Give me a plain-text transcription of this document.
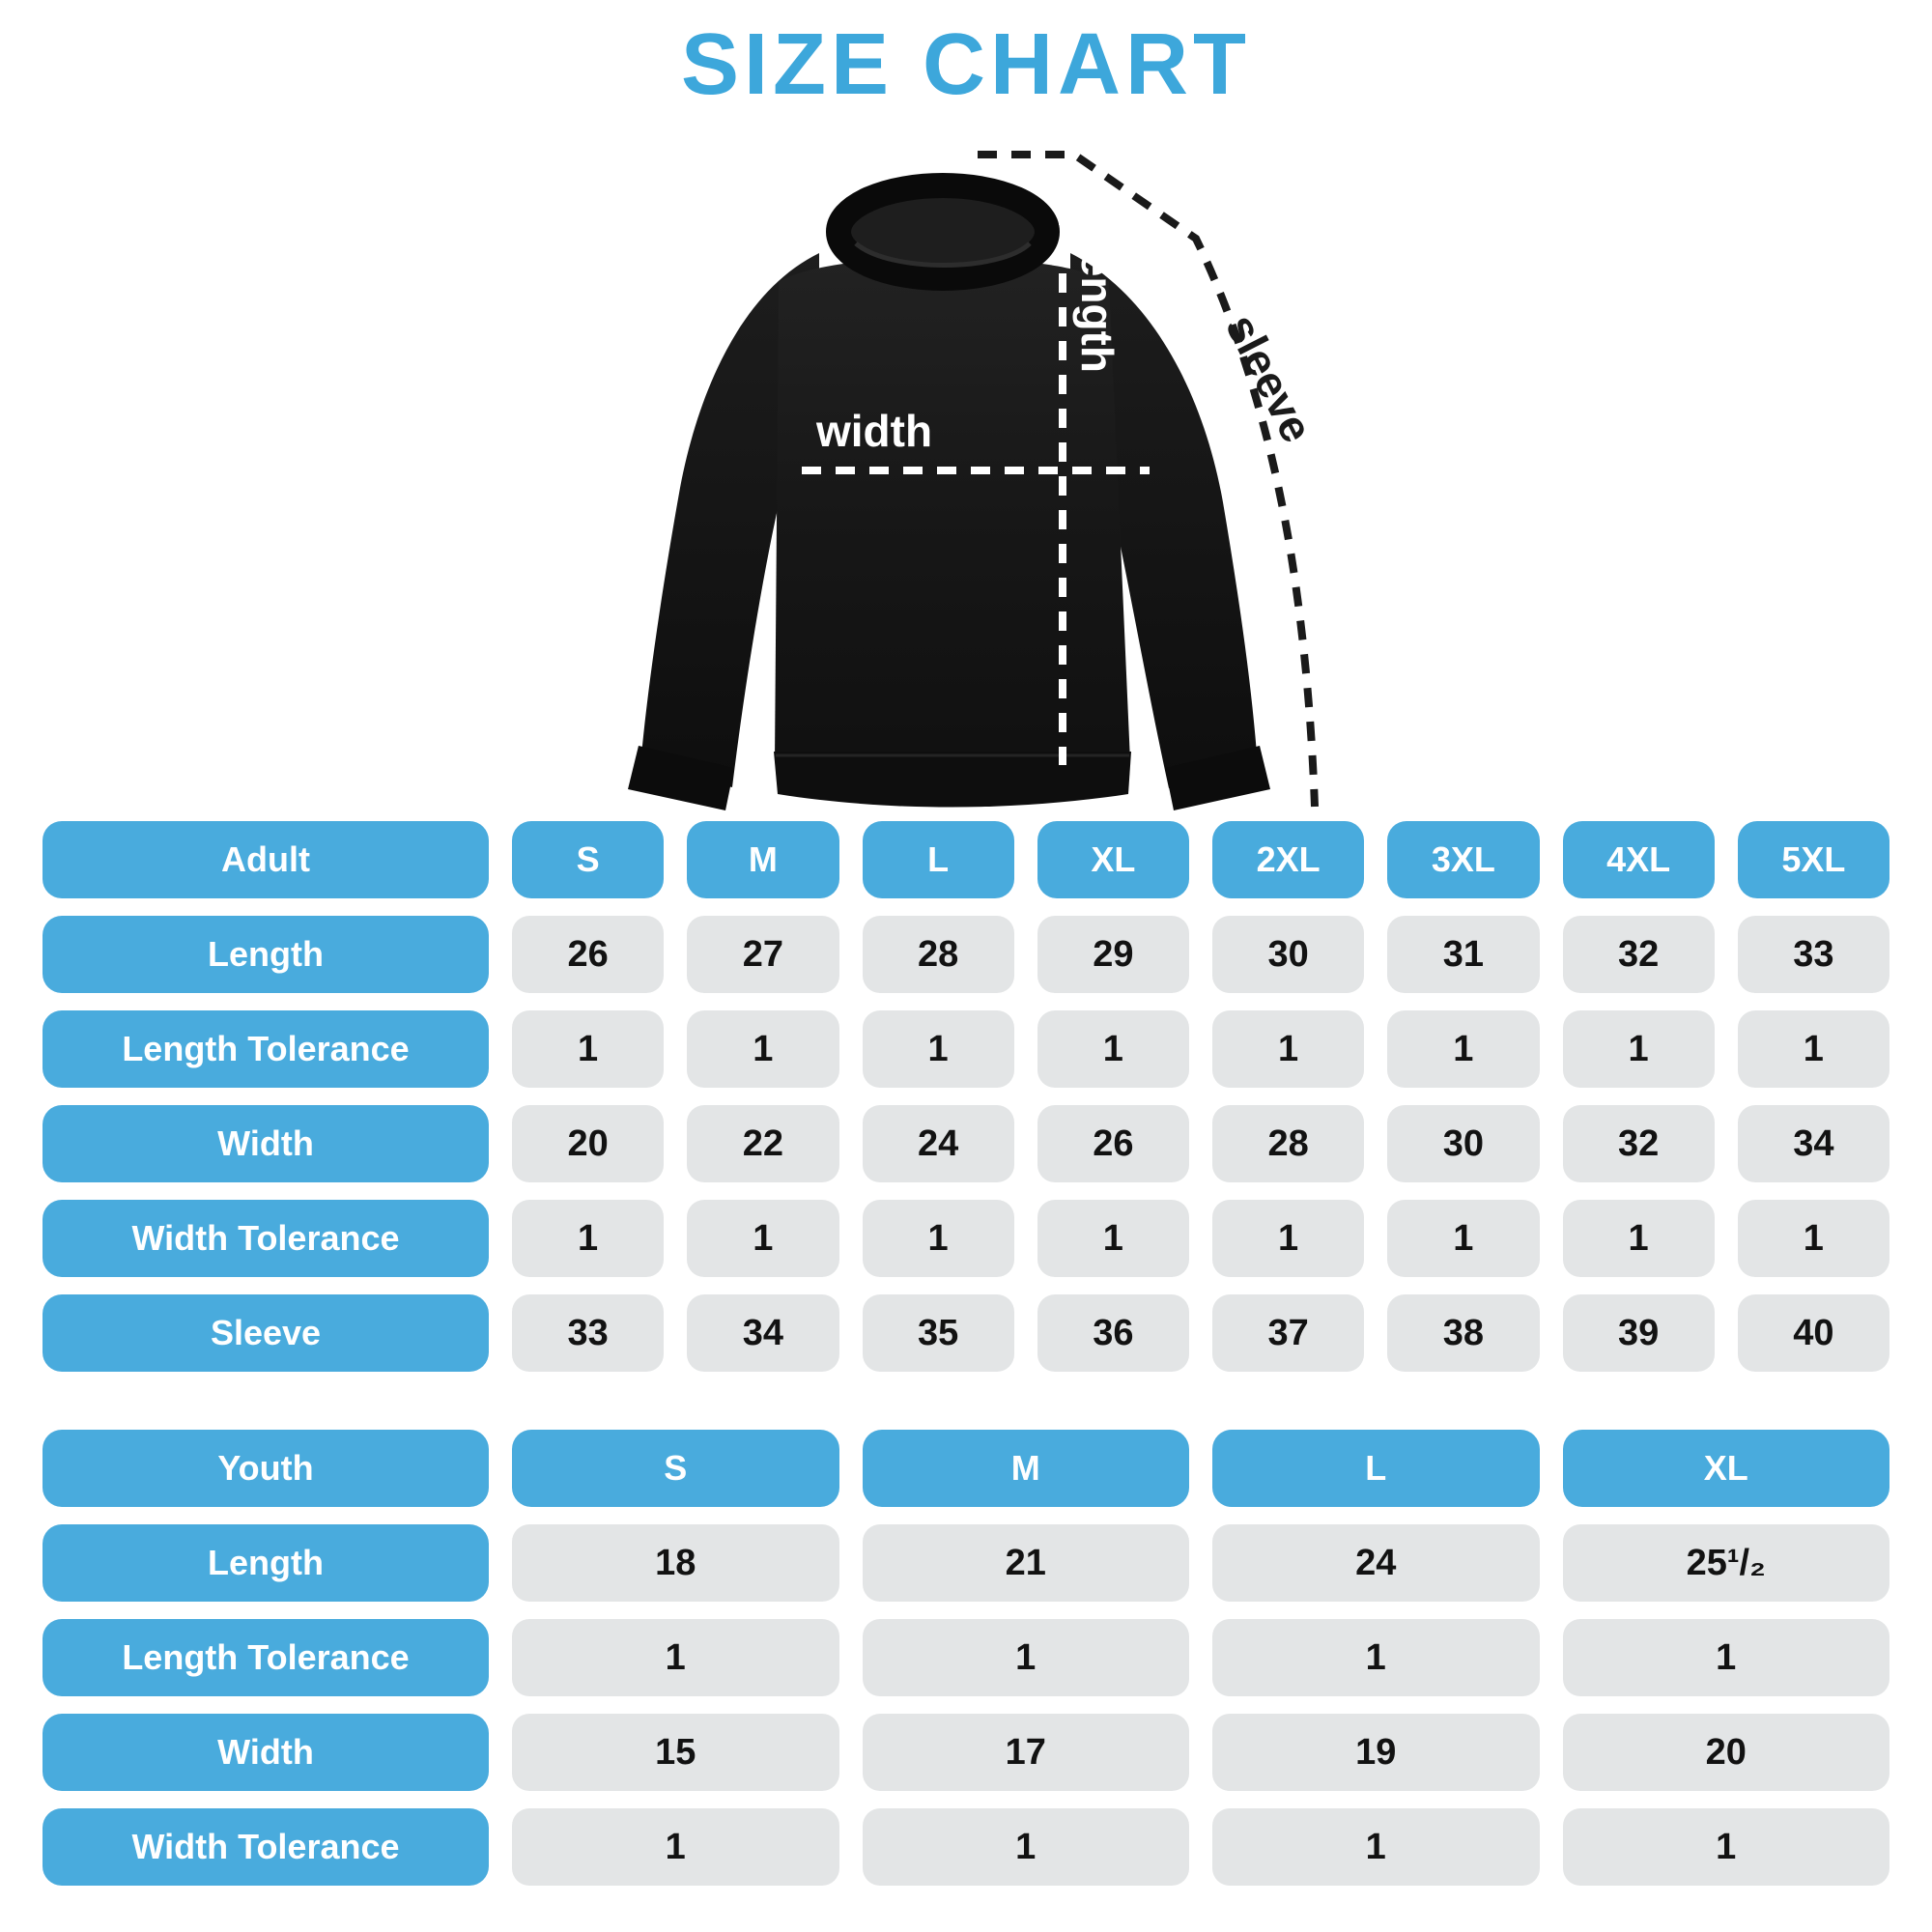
SIZE CHART
width
length sleeve
Adult	S	M	L	XL	2XL	3XL	4XL	5XL
Length	26	27	28	29	30	31	32	33
Length Tolerance	1	1	1	1	1	1	1	1
Width	20	22	24	26	28	30	32	34
Width Tolerance	1	1	1	1	1	1	1	1
Sleeve	33	34	35	36	37	38	39	40
Youth	S	M	L	XL
Length	18	21	24	25¹/₂
Length Tolerance	1	1	1	1
Width	15	17	19	20
Width Tolerance	1	1	1	1
